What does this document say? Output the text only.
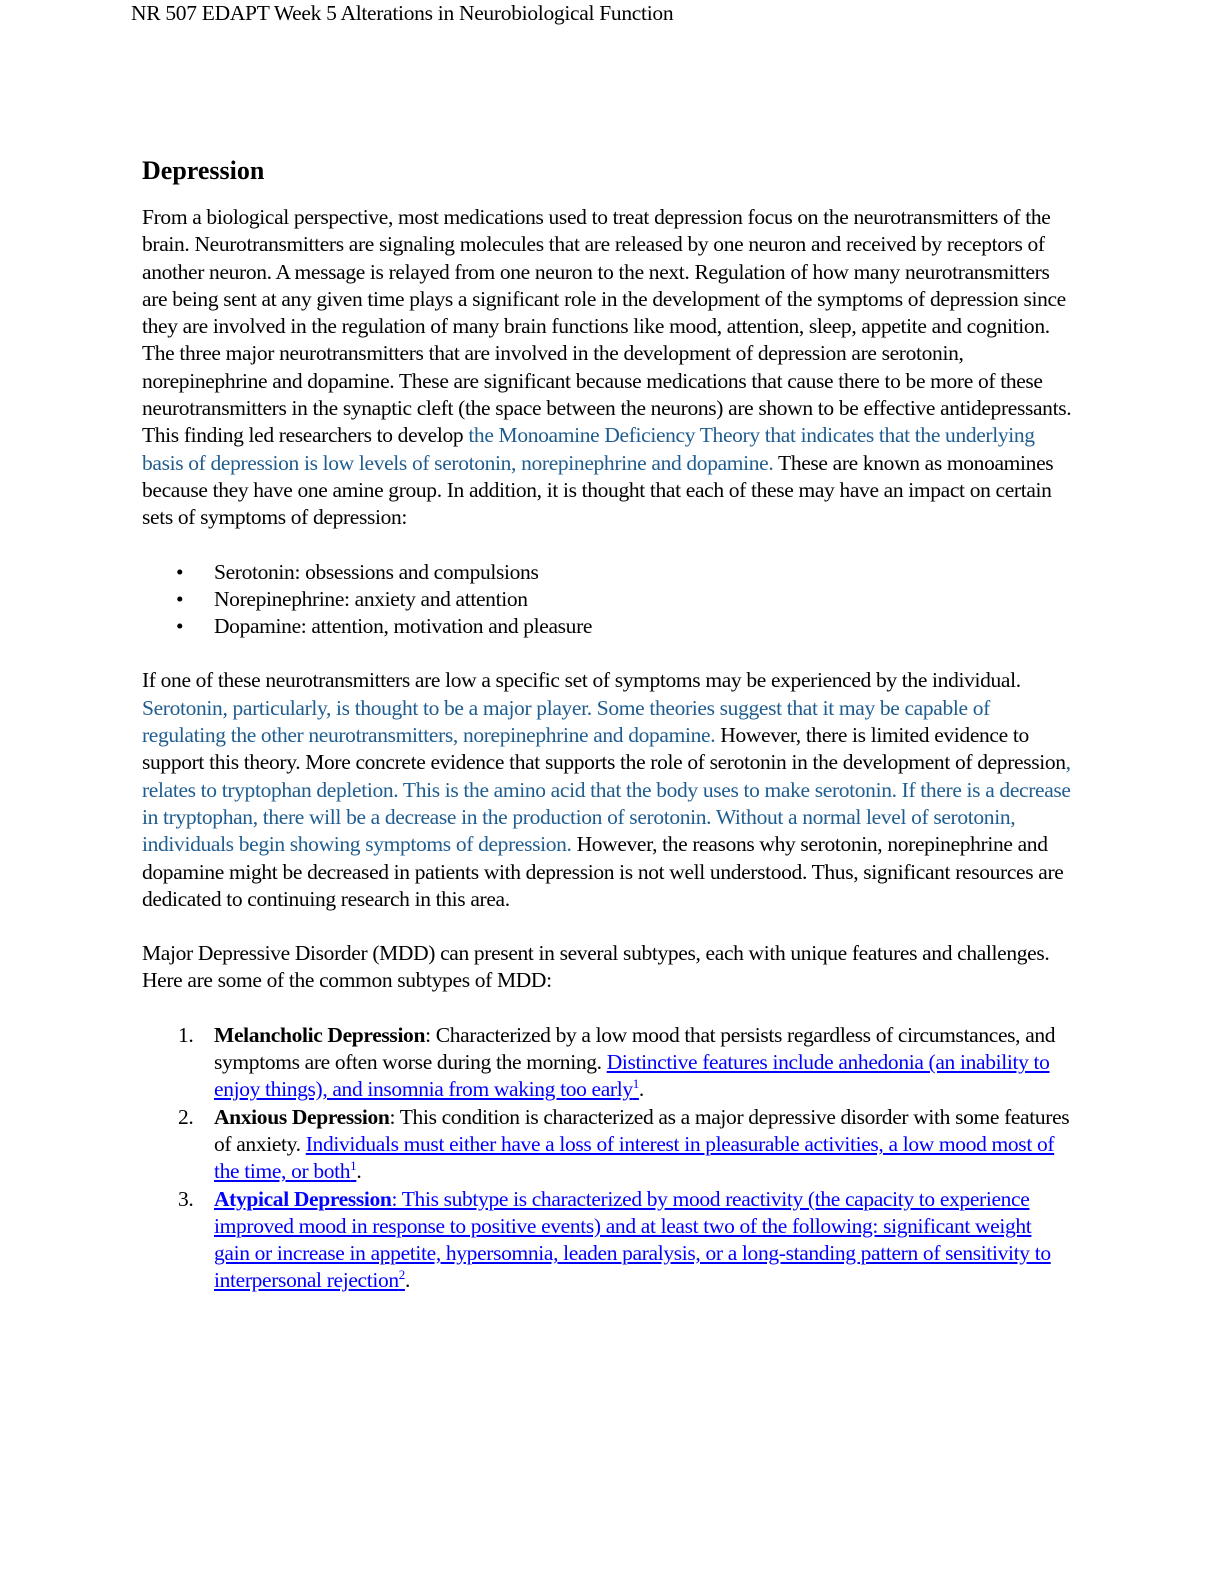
NR 507 EDAPT Week 5 Alterations in Neurobiological Function
Depression

From a biological perspective, most medications used to treat depression focus on the neurotransmitters of the brain. Neurotransmitters are signaling molecules that are released by one neuron and received by receptors of another neuron. A message is relayed from one neuron to the next. Regulation of how many neurotransmitters are being sent at any given time plays a significant role in the development of the symptoms of depression since they are involved in the regulation of many brain functions like mood, attention, sleep, appetite and cognition. The three major neurotransmitters that are involved in the development of depression are serotonin, norepinephrine and dopamine. These are significant because medications that cause there to be more of these neurotransmitters in the synaptic cleft (the space between the neurons) are shown to be effective antidepressants. This finding led researchers to develop the Monoamine Deficiency Theory that indicates that the underlying basis of depression is low levels of serotonin, norepinephrine and dopamine. These are known as monoamines because they have one amine group. In addition, it is thought that each of these may have an impact on certain sets of symptoms of depression:

• Serotonin: obsessions and compulsions
• Norepinephrine: anxiety and attention
• Dopamine: attention, motivation and pleasure

If one of these neurotransmitters are low a specific set of symptoms may be experienced by the individual. Serotonin, particularly, is thought to be a major player. Some theories suggest that it may be capable of regulating the other neurotransmitters, norepinephrine and dopamine. However, there is limited evidence to support this theory. More concrete evidence that supports the role of serotonin in the development of depression, relates to tryptophan depletion. This is the amino acid that the body uses to make serotonin. If there is a decrease in tryptophan, there will be a decrease in the production of serotonin. Without a normal level of serotonin, individuals begin showing symptoms of depression. However, the reasons why serotonin, norepinephrine and dopamine might be decreased in patients with depression is not well understood. Thus, significant resources are dedicated to continuing research in this area.

Major Depressive Disorder (MDD) can present in several subtypes, each with unique features and challenges. Here are some of the common subtypes of MDD:

1. Melancholic Depression: Characterized by a low mood that persists regardless of circumstances, and symptoms are often worse during the morning. Distinctive features include anhedonia (an inability to enjoy things), and insomnia from waking too early$^1$.
2. Anxious Depression: This condition is characterized as a major depressive disorder with some features of anxiety. Individuals must either have a loss of interest in pleasurable activities, a low mood most of the time, or both$^1$.
3. Atypical Depression: This subtype is characterized by mood reactivity (the capacity to experience improved mood in response to positive events) and at least two of the following: significant weight gain or increase in appetite, hypersomnia, leaden paralysis, or a long-standing pattern of sensitivity to interpersonal rejection$^2$.
